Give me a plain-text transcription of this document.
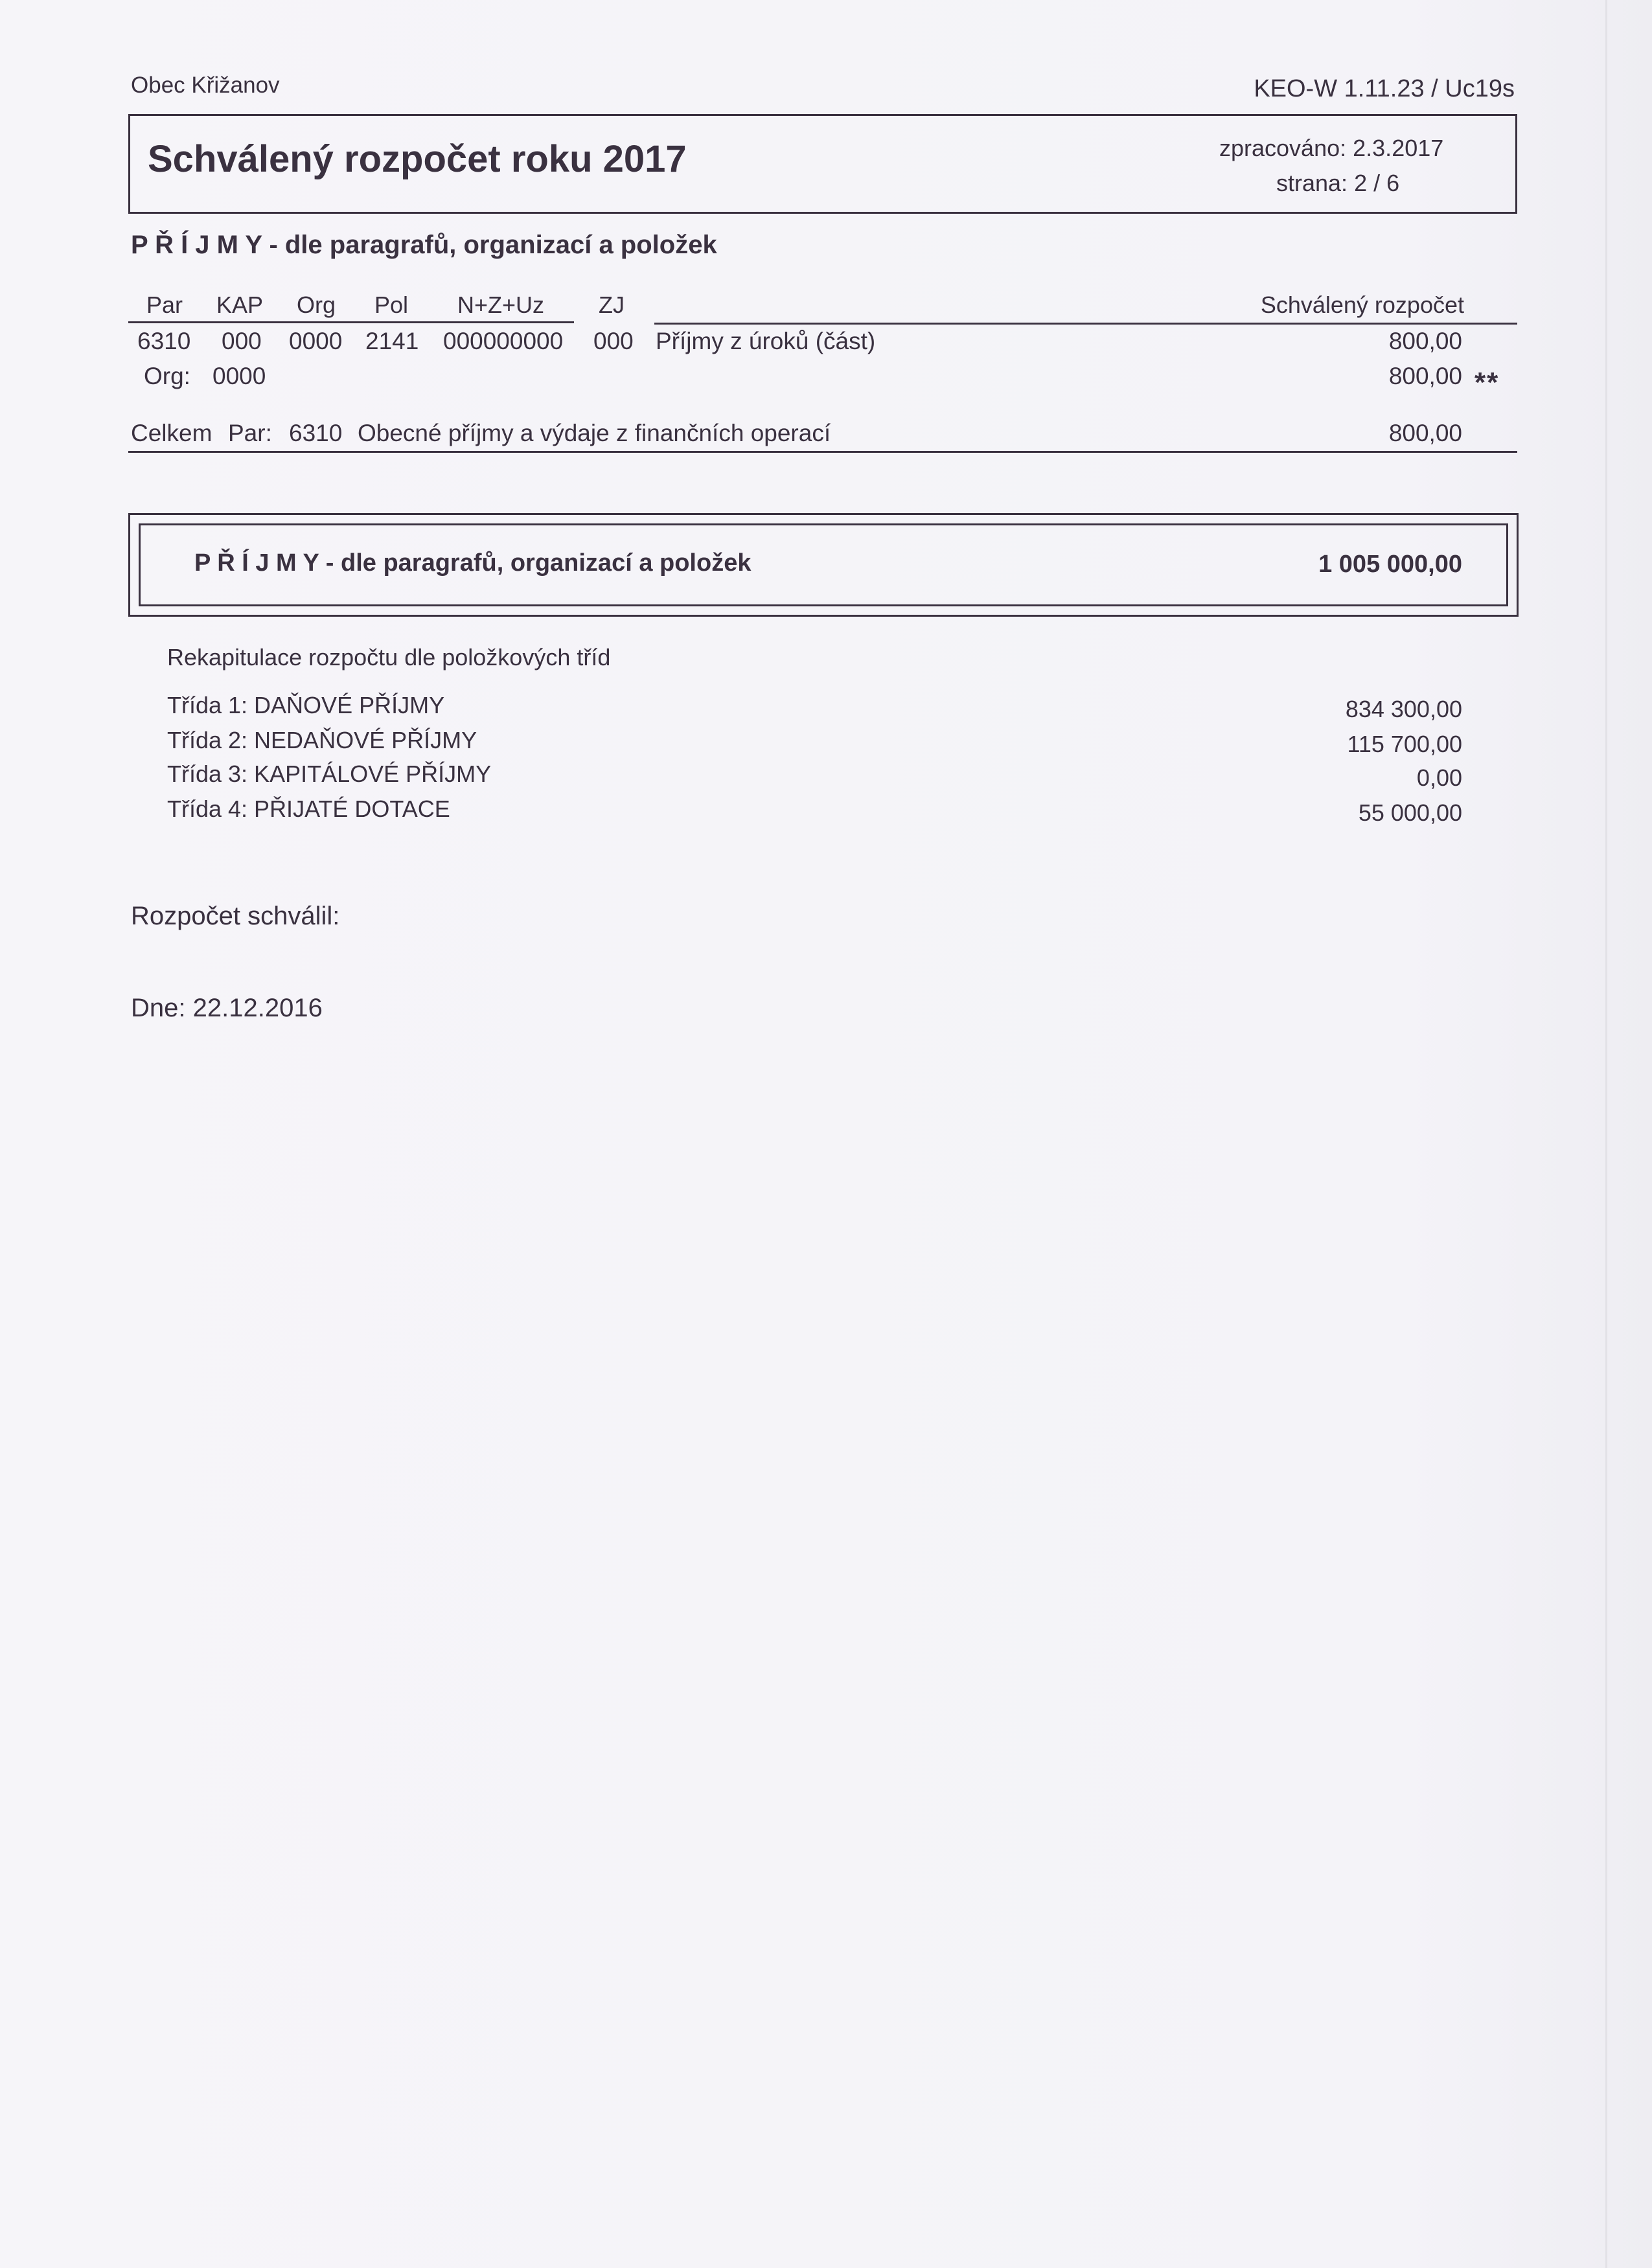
Obec Křižanov	KEO-W 1.11.23 / Uc19s
Schválený rozpočet roku 2017	zpracováno: 2.3.2017
strana: 2 / 6
P Ř Í J M Y - dle paragrafů, organizací a položek
Par KAP Org Pol N+Z+Uz ZJ	Schválený rozpočet
6310 000 0000 2141 000000000 000 Příjmy z úroků (část)	800,00
Org: 0000	800,00 **
Celkem Par: 6310 Obecné příjmy a výdaje z finančních operací	800,00
P Ř Í J M Y - dle paragrafů, organizací a položek	1 005 000,00
Rekapitulace rozpočtu dle položkových tříd
Třída 1: DAŇOVÉ PŘÍJMY	834 300,00
Třída 2: NEDAŇOVÉ PŘÍJMY	115 700,00
Třída 3: KAPITÁLOVÉ PŘÍJMY	0,00
Třída 4: PŘIJATÉ DOTACE	55 000,00
Rozpočet schválil:
Dne: 22.12.2016
